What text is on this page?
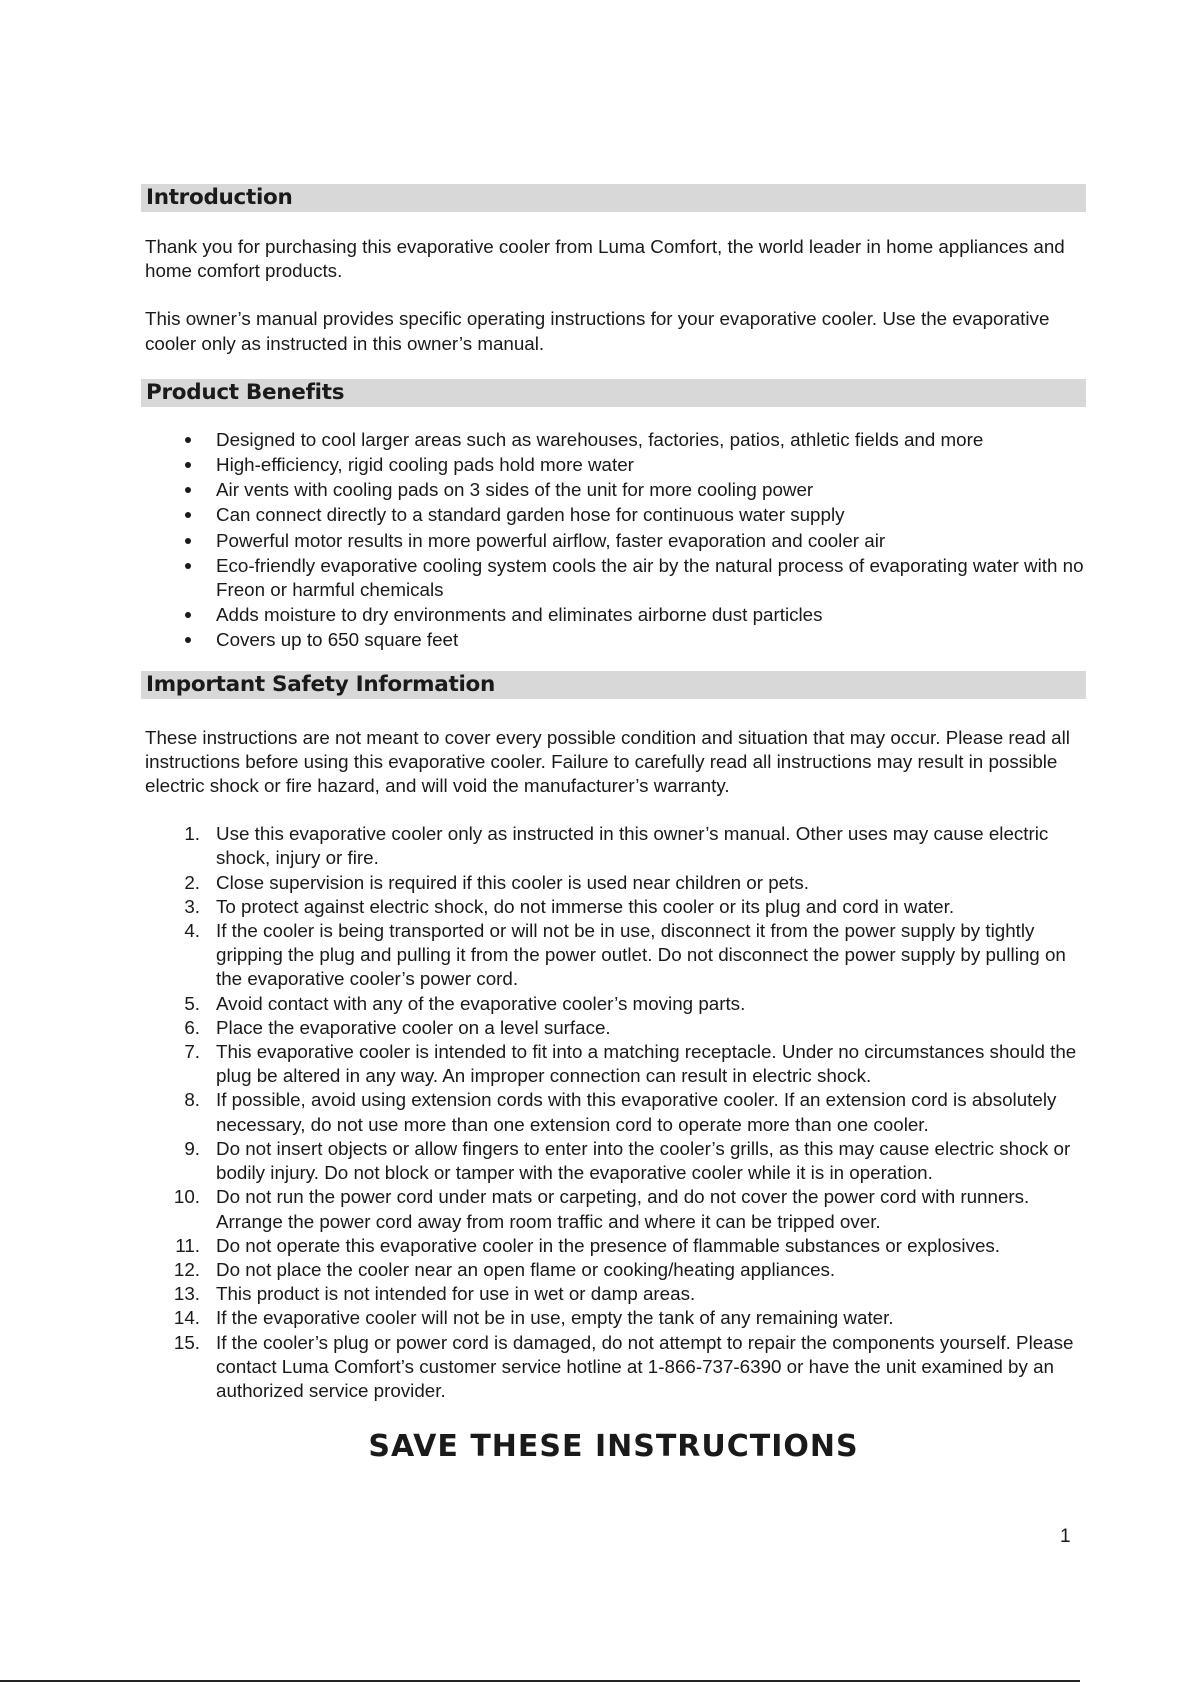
Introduction

Thank you for purchasing this evaporative cooler from Luma Comfort, the world leader in home appliances and home comfort products.

This owner’s manual provides specific operating instructions for your evaporative cooler. Use the evaporative cooler only as instructed in this owner’s manual.

Product Benefits
Designed to cool larger areas such as warehouses, factories, patios, athletic fields and more
High-efficiency, rigid cooling pads hold more water
Air vents with cooling pads on 3 sides of the unit for more cooling power
Can connect directly to a standard garden hose for continuous water supply
Powerful motor results in more powerful airflow, faster evaporation and cooler air
Eco-friendly evaporative cooling system cools the air by the natural process of evaporating water with no Freon or harmful chemicals
Adds moisture to dry environments and eliminates airborne dust particles
Covers up to 650 square feet
Important Safety Information

These instructions are not meant to cover every possible condition and situation that may occur. Please read all instructions before using this evaporative cooler. Failure to carefully read all instructions may result in possible electric shock or fire hazard, and will void the manufacturer’s warranty.

1. Use this evaporative cooler only as instructed in this owner’s manual. Other uses may cause electric shock, injury or fire.
2. Close supervision is required if this cooler is used near children or pets.
3. To protect against electric shock, do not immerse this cooler or its plug and cord in water.
4. If the cooler is being transported or will not be in use, disconnect it from the power supply by tightly gripping the plug and pulling it from the power outlet. Do not disconnect the power supply by pulling on the evaporative cooler’s power cord.
5. Avoid contact with any of the evaporative cooler’s moving parts.
6. Place the evaporative cooler on a level surface.
7. This evaporative cooler is intended to fit into a matching receptacle. Under no circumstances should the plug be altered in any way. An improper connection can result in electric shock.
8. If possible, avoid using extension cords with this evaporative cooler. If an extension cord is absolutely necessary, do not use more than one extension cord to operate more than one cooler.
9. Do not insert objects or allow fingers to enter into the cooler’s grills, as this may cause electric shock or bodily injury. Do not block or tamper with the evaporative cooler while it is in operation.
10. Do not run the power cord under mats or carpeting, and do not cover the power cord with runners. Arrange the power cord away from room traffic and where it can be tripped over.
11. Do not operate this evaporative cooler in the presence of flammable substances or explosives.
12. Do not place the cooler near an open flame or cooking/heating appliances.
13. This product is not intended for use in wet or damp areas.
14. If the evaporative cooler will not be in use, empty the tank of any remaining water.
15. If the cooler’s plug or power cord is damaged, do not attempt to repair the components yourself. Please contact Luma Comfort’s customer service hotline at 1-866-737-6390 or have the unit examined by an authorized service provider.
SAVE THESE INSTRUCTIONS
1
